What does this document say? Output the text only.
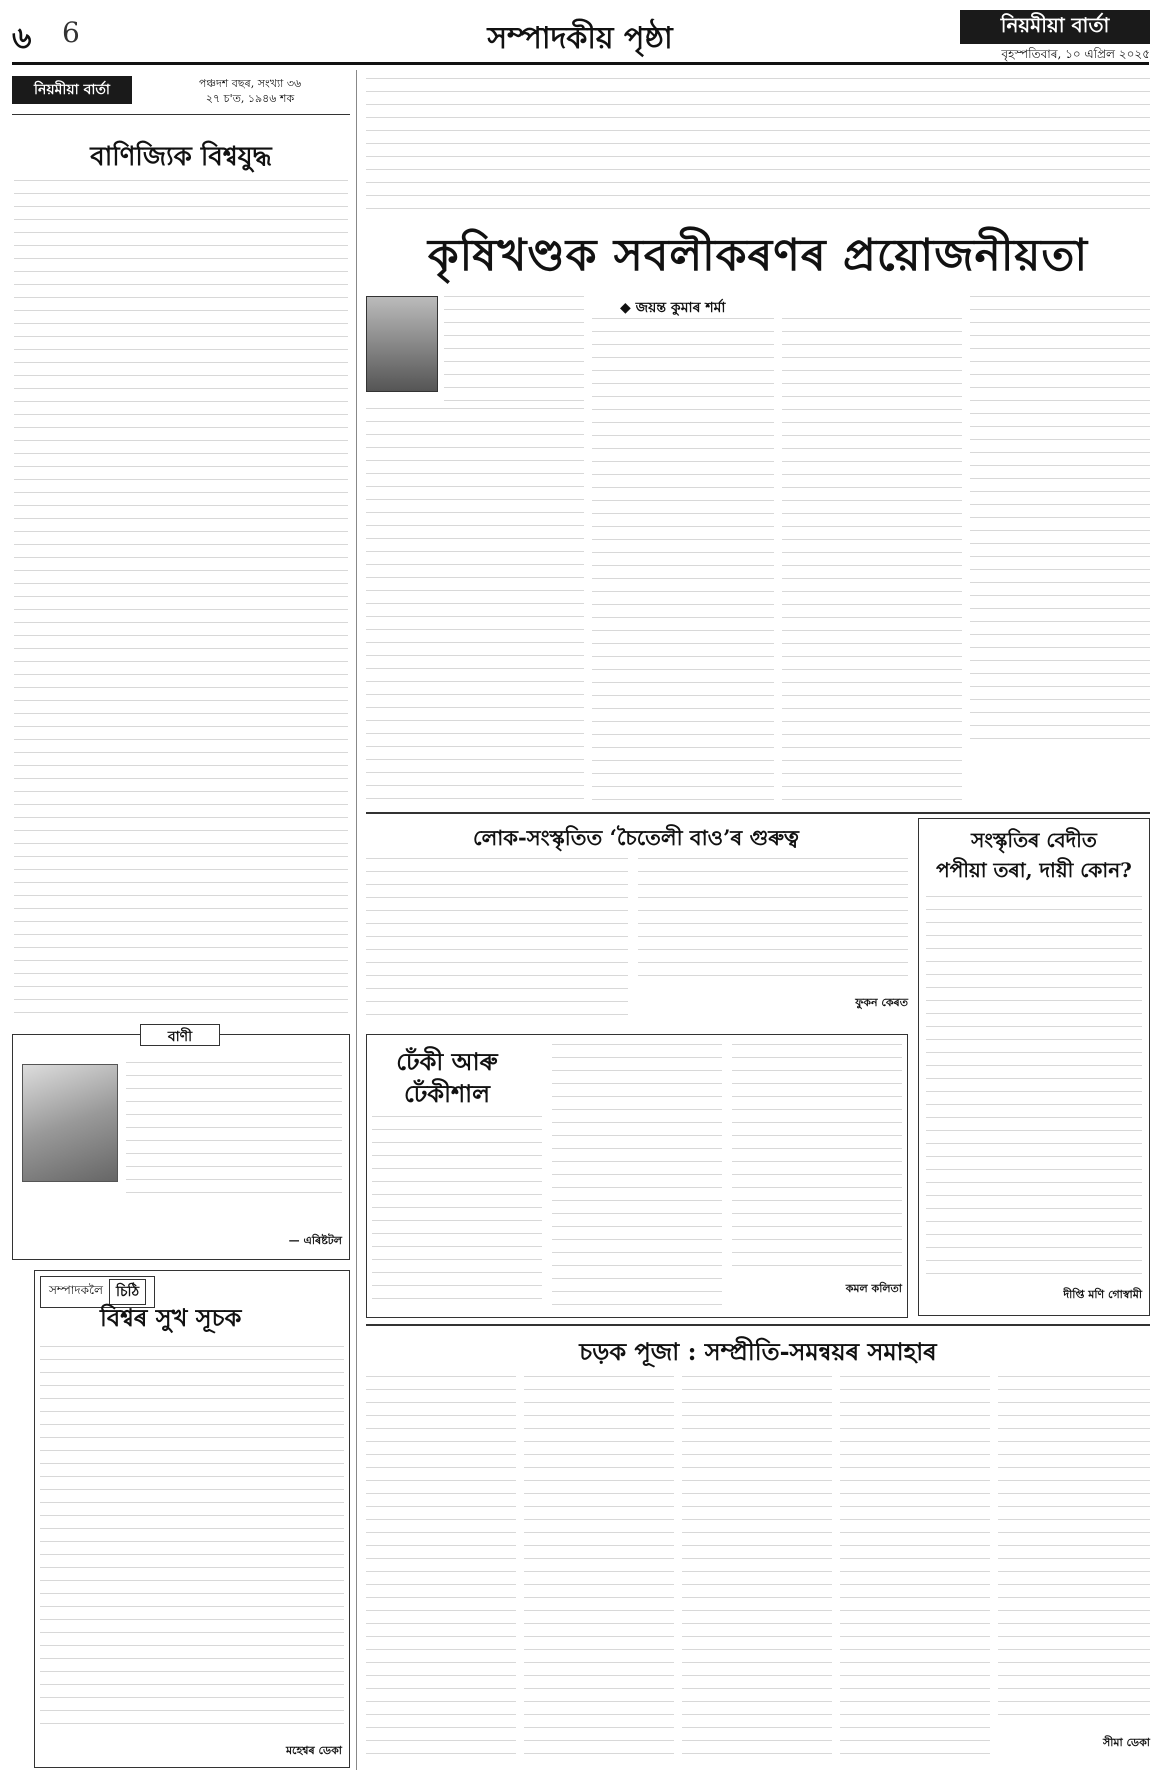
৬ 6	সম্পাদকীয় পৃষ্ঠা	নিয়মীয়া বাৰ্তা
বৃহস্পতিবাৰ, ১০ এপ্ৰিল ২০২৫
নিয়মীয়া বাৰ্তা	পঞ্চদশ বছৰ, সংখ্যা ৩৬
২৭ চ'ত, ১৯৪৬ শক
বাণিজ্যিক বিশ্বযুদ্ধ
বাণী
— এৰিষ্টটল
সম্পাদকলৈ চিঠি
বিশ্বৰ সুখ সূচক
মহেশ্বৰ ডেকা
কৃষিখণ্ডক সবলীকৰণৰ প্ৰয়োজনীয়তা
◆ জয়ন্ত কুমাৰ শৰ্মা
লোক-সংস্কৃতিত ‘চৈতেলী বাও’ৰ গুৰুত্ব
ফুকন কেৰত
সংস্কৃতিৰ বেদীত
পপীয়া তৰা, দায়ী কোন?
দীপ্তি মণি গোস্বামী
ঢেঁকী আৰু
ঢেঁকীশাল
কমল কলিতা
চড়ক পূজা : সম্প্ৰীতি-সমন্বয়ৰ সমাহাৰ
সীমা ডেকা
